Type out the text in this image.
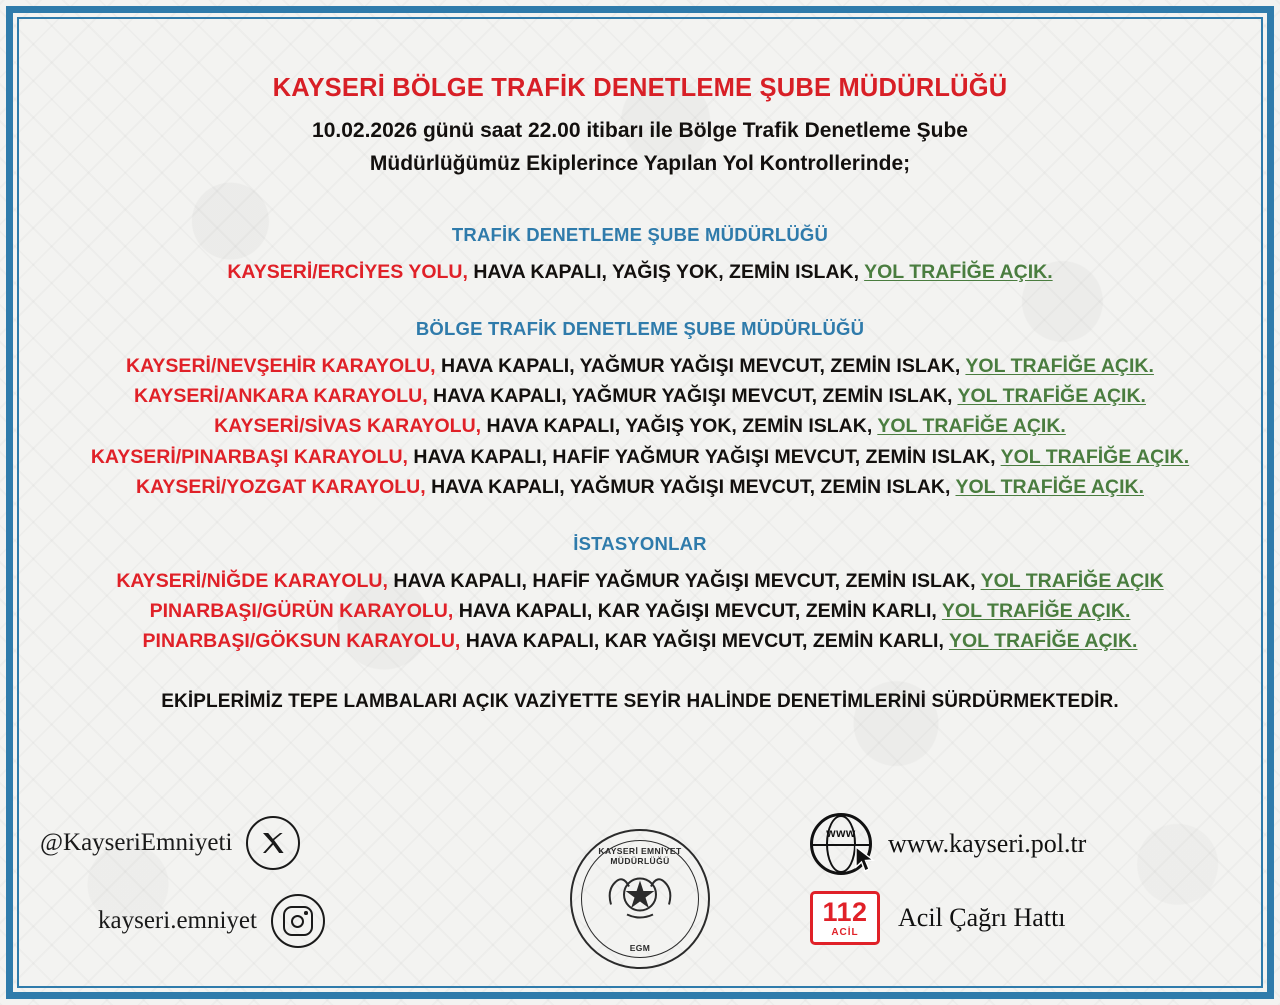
KAYSERİ BÖLGE TRAFİK DENETLEME ŞUBE MÜDÜRLÜĞÜ
10.02.2026 günü saat 22.00 itibarı ile Bölge Trafik Denetleme Şube
Müdürlüğümüz Ekiplerince Yapılan Yol Kontrollerinde;
TRAFİK DENETLEME ŞUBE MÜDÜRLÜĞÜ
KAYSERİ/ERCİYES YOLU, HAVA KAPALI, YAĞIŞ YOK, ZEMİN ISLAK, YOL TRAFİĞE AÇIK.
BÖLGE TRAFİK DENETLEME ŞUBE MÜDÜRLÜĞÜ
KAYSERİ/NEVŞEHİR KARAYOLU, HAVA KAPALI, YAĞMUR YAĞIŞI MEVCUT, ZEMİN ISLAK, YOL TRAFİĞE AÇIK.
KAYSERİ/ANKARA KARAYOLU, HAVA KAPALI, YAĞMUR YAĞIŞI MEVCUT, ZEMİN ISLAK, YOL TRAFİĞE AÇIK.
KAYSERİ/SİVAS KARAYOLU, HAVA KAPALI, YAĞIŞ YOK, ZEMİN ISLAK, YOL TRAFİĞE AÇIK.
KAYSERİ/PINARBAŞI KARAYOLU, HAVA KAPALI, HAFİF YAĞMUR YAĞIŞI MEVCUT, ZEMİN ISLAK, YOL TRAFİĞE AÇIK.
KAYSERİ/YOZGAT KARAYOLU, HAVA KAPALI, YAĞMUR YAĞIŞI MEVCUT, ZEMİN ISLAK, YOL TRAFİĞE AÇIK.
İSTASYONLAR
KAYSERİ/NİĞDE KARAYOLU, HAVA KAPALI, HAFİF YAĞMUR YAĞIŞI MEVCUT, ZEMİN ISLAK, YOL TRAFİĞE AÇIK
PINARBAŞI/GÜRÜN KARAYOLU, HAVA KAPALI, KAR YAĞIŞI MEVCUT, ZEMİN KARLI, YOL TRAFİĞE AÇIK.
PINARBAŞI/GÖKSUN KARAYOLU, HAVA KAPALI, KAR YAĞIŞI MEVCUT, ZEMİN KARLI, YOL TRAFİĞE AÇIK.
EKİPLERİMİZ TEPE LAMBALARI AÇIK VAZİYETTE SEYİR HALİNDE DENETİMLERİNİ SÜRDÜRMEKTEDİR.
@KayseriEmniyeti
kayseri.emniyet
KAYSERİ EMNİYET MÜDÜRLÜĞÜ
EGM
www	www.kayseri.pol.tr
112
ACİL Acil Çağrı Hattı
